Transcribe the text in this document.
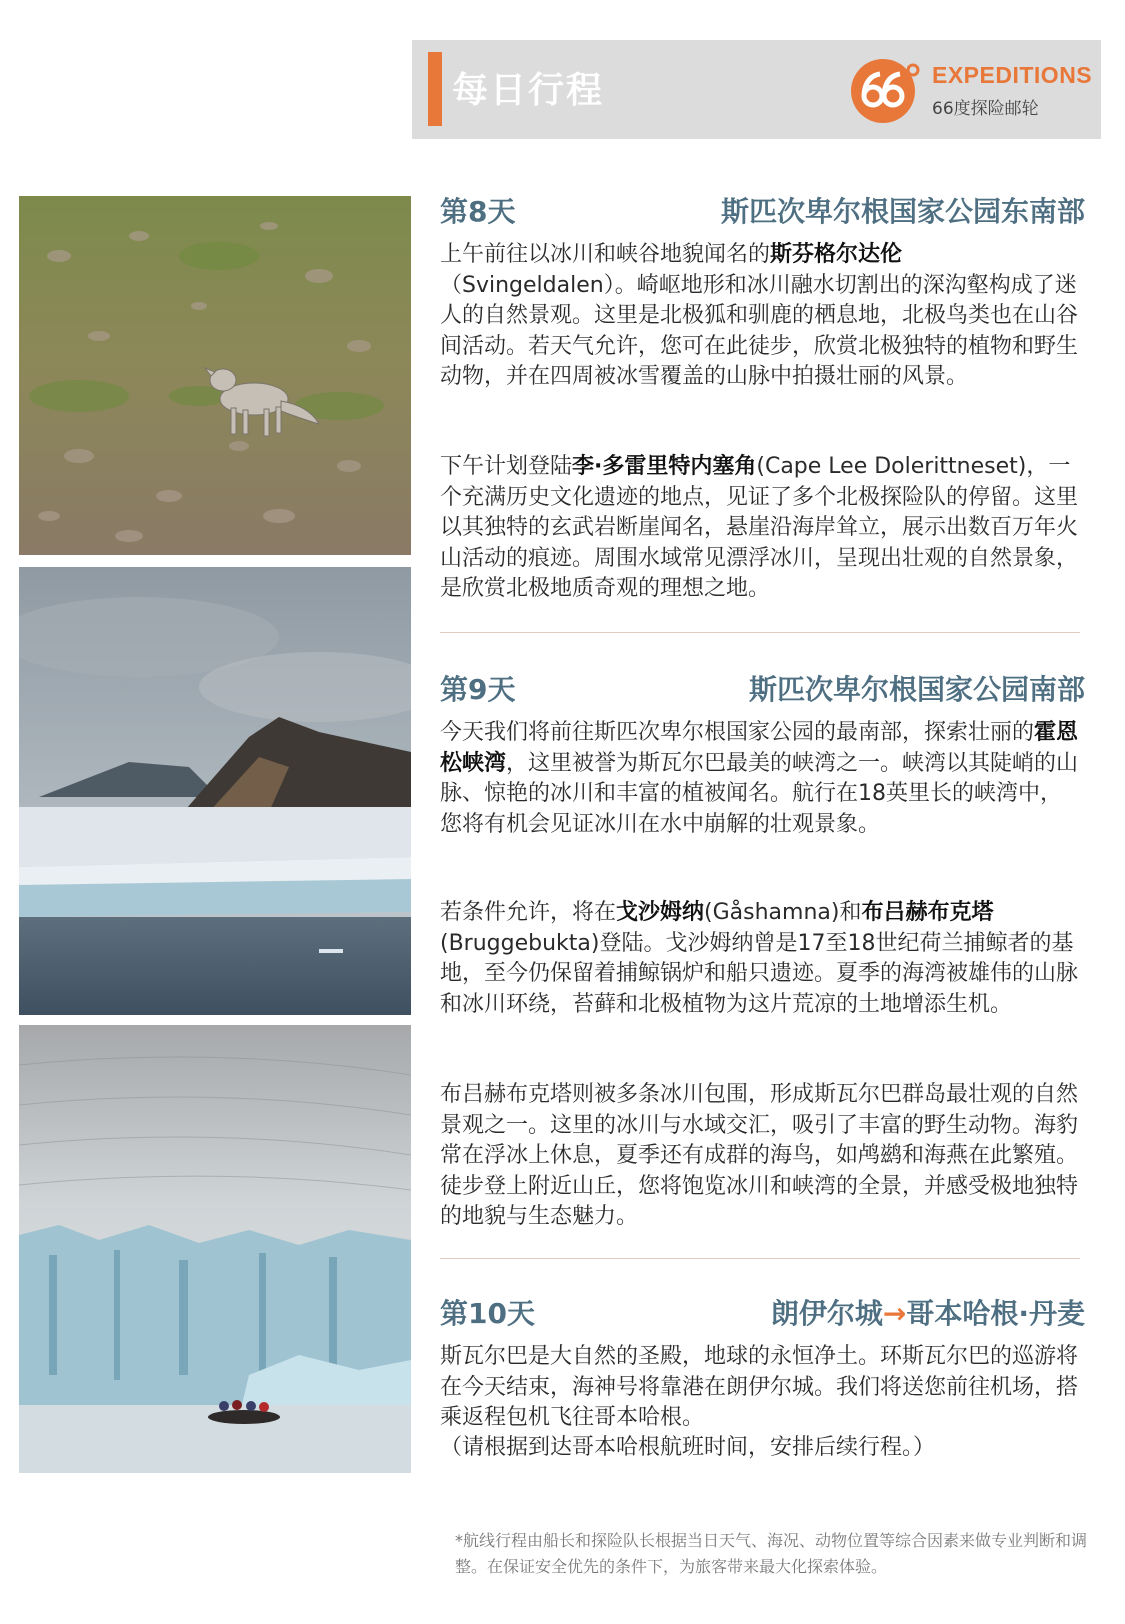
每日行程	EXPEDITIONS
66度探险邮轮
第8天	斯匹次卑尔根国家公园东南部

上午前往以冰川和峡谷地貌闻名的斯芬格尔达伦（Svingeldalen）。崎岖地形和冰川融水切割出的深沟壑构成了迷人的自然景观。这里是北极狐和驯鹿的栖息地，北极鸟类也在山谷间活动。若天气允许，您可在此徒步，欣赏北极独特的植物和野生动物，并在四周被冰雪覆盖的山脉中拍摄壮丽的风景。

下午计划登陆李·多雷里特内塞角(Cape Lee Dolerittneset)，一个充满历史文化遗迹的地点，见证了多个北极探险队的停留。这里以其独特的玄武岩断崖闻名，悬崖沿海岸耸立，展示出数百万年火山活动的痕迹。周围水域常见漂浮冰川，呈现出壮观的自然景象，是欣赏北极地质奇观的理想之地。

第9天	斯匹次卑尔根国家公园南部

今天我们将前往斯匹次卑尔根国家公园的最南部，探索壮丽的霍恩松峡湾，这里被誉为斯瓦尔巴最美的峡湾之一。峡湾以其陡峭的山脉、惊艳的冰川和丰富的植被闻名。航行在18英里长的峡湾中，您将有机会见证冰川在水中崩解的壮观景象。

若条件允许，将在戈沙姆纳(Gåshamna)和布吕赫布克塔(Bruggebukta)登陆。戈沙姆纳曾是17至18世纪荷兰捕鲸者的基地，至今仍保留着捕鲸锅炉和船只遗迹。夏季的海湾被雄伟的山脉和冰川环绕，苔藓和北极植物为这片荒凉的土地增添生机。

布吕赫布克塔则被多条冰川包围，形成斯瓦尔巴群岛最壮观的自然景观之一。这里的冰川与水域交汇，吸引了丰富的野生动物。海豹常在浮冰上休息，夏季还有成群的海鸟，如鸬鹚和海燕在此繁殖。徒步登上附近山丘，您将饱览冰川和峡湾的全景，并感受极地独特的地貌与生态魅力。

第10天	朗伊尔城→哥本哈根·丹麦

斯瓦尔巴是大自然的圣殿，地球的永恒净土。环斯瓦尔巴的巡游将在今天结束，海神号将靠港在朗伊尔城。我们将送您前往机场，搭乘返程包机飞往哥本哈根。

（请根据到达哥本哈根航班时间，安排后续行程。）

*航线行程由船长和探险队长根据当日天气、海况、动物位置等综合因素来做专业判断和调整。在保证安全优先的条件下，为旅客带来最大化探索体验。
